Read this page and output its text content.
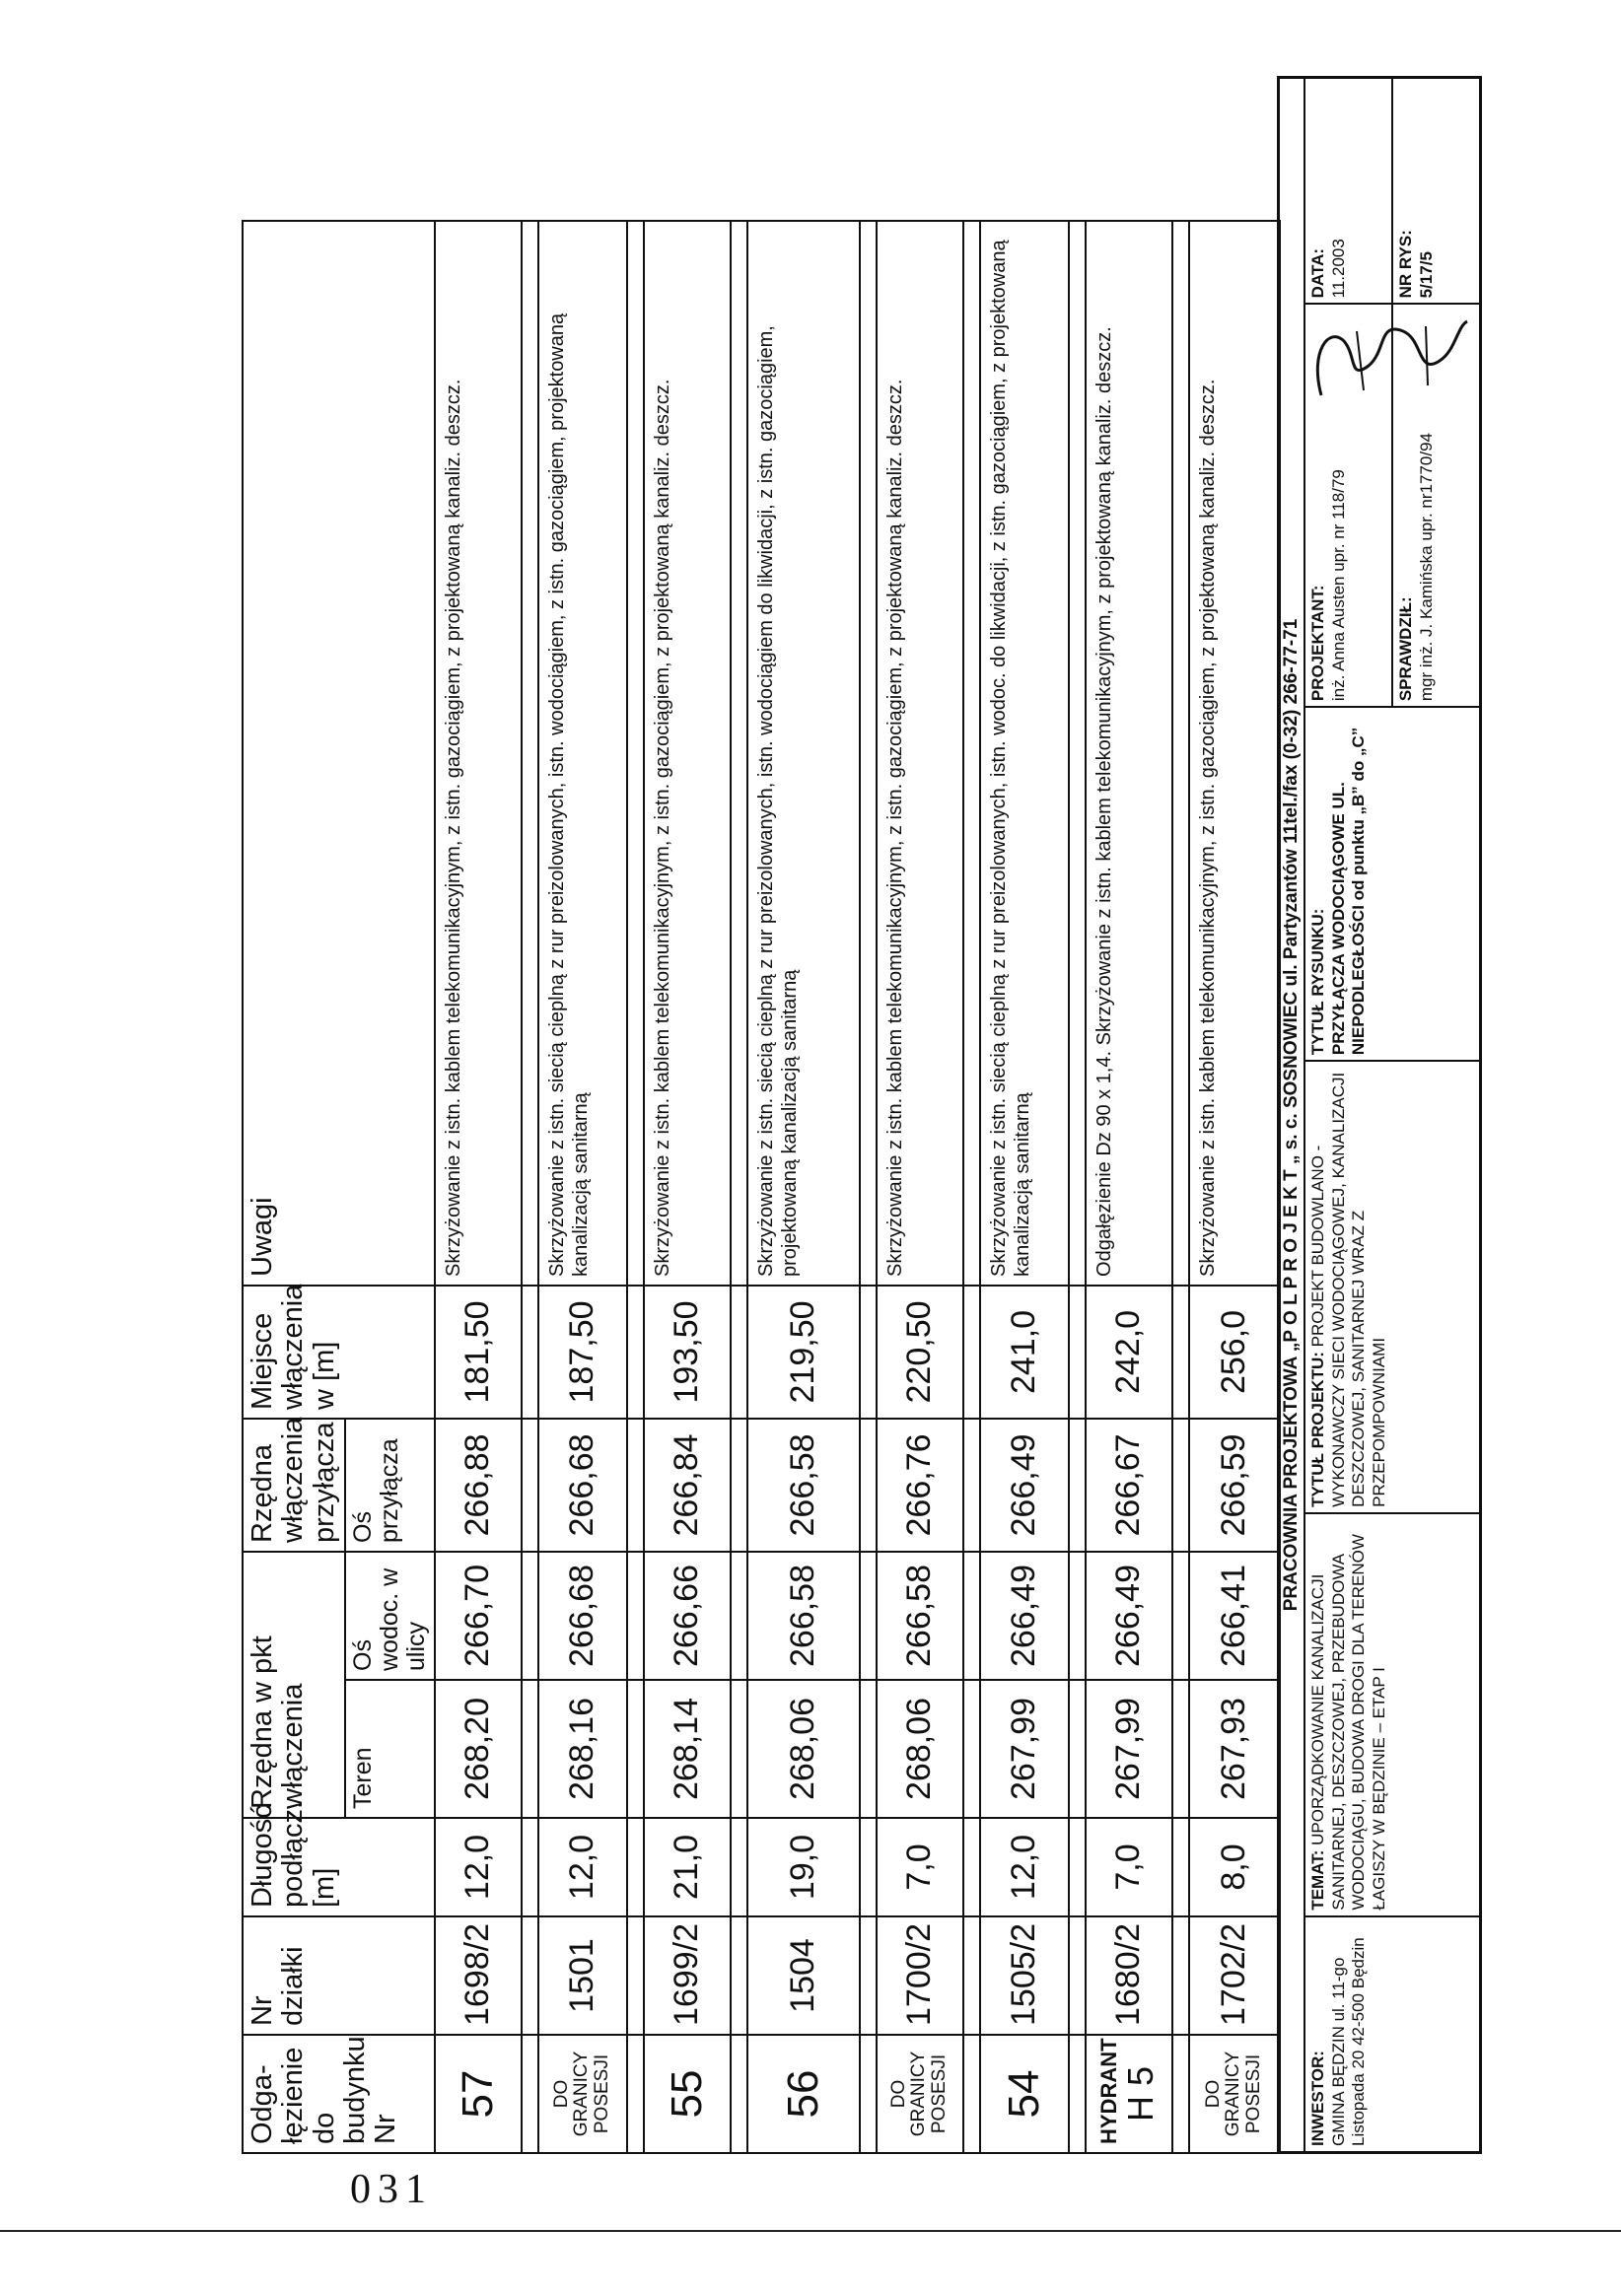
Odga-łęzienie do budynku Nr	Nr działki	Długość podłącz. [m]	Rzędna w pkt włączenia		Rzędna włączenia przyłącza	Miejsce włączenia w [m]	Uwagi
			Teren	Oś wodoc. w ulicy	Oś przyłącza		
57	1698/2	12,0	268,20	266,70	266,88	181,50	Skrzyżowanie z istn. kablem telekomunikacyjnym, z istn. gazociągiem, z projektowaną kanaliz. deszcz.

DO GRANICY POSESJI	1501	12,0	268,16	266,68	266,68	187,50	Skrzyżowanie z istn. siecią cieplną z rur preizolowanych, istn. wodociągiem, z istn. gazociągiem, projektowaną kanalizacją sanitarną

55	1699/2	21,0	268,14	266,66	266,84	193,50	Skrzyżowanie z istn. kablem telekomunikacyjnym, z istn. gazociągiem, z projektowaną kanaliz. deszcz.

56	1504	19,0	268,06	266,58	266,58	219,50	Skrzyżowanie z istn. siecią cieplną z rur preizolowanych, istn. wodociągiem do likwidacji, z istn. gazociągiem, projektowaną kanalizacją sanitarną

DO GRANICY POSESJI	1700/2	7,0	268,06	266,58	266,76	220,50	Skrzyżowanie z istn. kablem telekomunikacyjnym, z istn. gazociągiem, z projektowaną kanaliz. deszcz.

54	1505/2	12,0	267,99	266,49	266,49	241,0	Skrzyżowanie z istn. siecią cieplną z rur preizolowanych, istn. wodoc. do likwidacji, z istn. gazociągiem, z projektowaną kanalizacją sanitarną

HYDRANT H 5	1680/2	7,0	267,99	266,49	266,67	242,0	Odgałęzienie Dz 90 x 1,4. Skrzyżowanie z istn. kablem telekomunikacyjnym, z projektowaną kanaliz. deszcz.

DO GRANICY POSESJI	1702/2	8,0	267,93	266,41	266,59	256,0	Skrzyżowanie z istn. kablem telekomunikacyjnym, z istn. gazociągiem, z projektowaną kanaliz. deszcz.	PRACOWNIA PROJEKTOWA „P O L P R O J E K T „ s. c. SOSNOWIEC ul. Partyzantów 11tel./fax (0-32) 266-77-71
INWESTOR: GMINA BĘDZIN ul. 11-go Listopada 20 42-500 Będzin
TEMAT: UPORZĄDKOWANIE KANALIZACJI SANITARNEJ, DESZCZOWEJ, PRZEBUDOWA WODOCIĄGU, BUDOWA DROGI DLA TERENÓW ŁAGISZY W BĘDZINIE – ETAP I
TYTUŁ PROJEKTU: PROJEKT BUDOWLANO -WYKONAWCZY SIECI WODOCIĄGOWEJ, KANALIZACJI DESZCZOWEJ, SANITARNEJ WRAZ Z PRZEPOMPOWNIAMI
TYTUŁ RYSUNKU: PRZYŁĄCZA WODOCIĄGOWE UL. NIEPODLEGŁOŚCI od punktu „B” do „C”
PROJEKTANT: inż. Anna Austen upr. nr 118/79	SPRAWDZIŁ: mgr inż. J. Kamińska upr. nr1770/94
DATA: 11.2003	NR RYS: 5/17/5
031
